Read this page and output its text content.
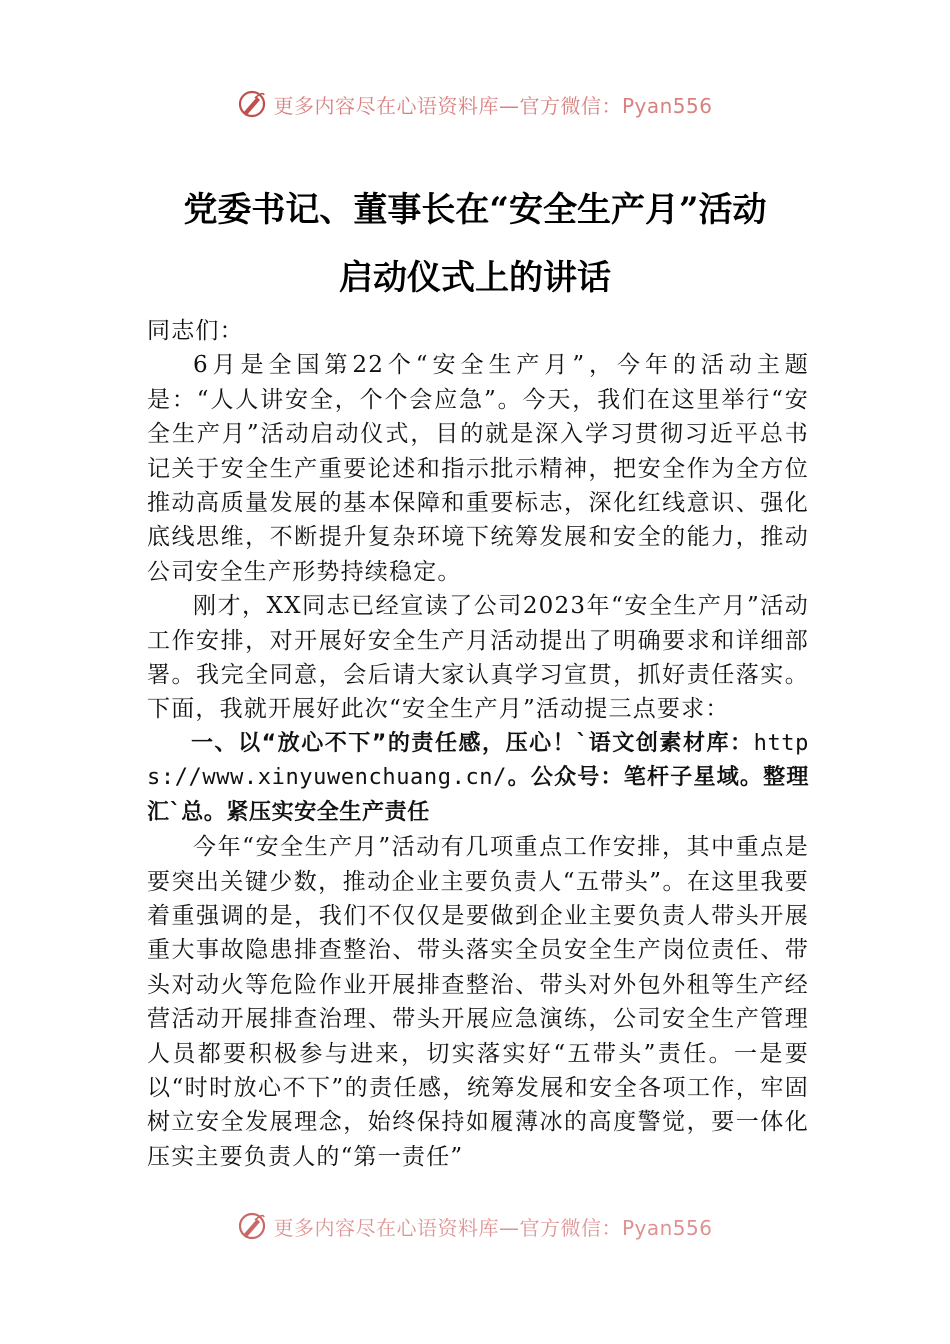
更多内容尽在心语资料库—官方微信：Pyan556
党委书记、董事长在“安全生产月”活动
启动仪式上的讲话

同志们：

6月是全国第22个“安全生产月”，今年的活动主题是：“人人讲安全，个个会应急”。今天，我们在这里举行“安全生产月”活动启动仪式，目的就是深入学习贯彻习近平总书记关于安全生产重要论述和指示批示精神，把安全作为全方位推动高质量发展的基本保障和重要标志，深化红线意识、强化底线思维，不断提升复杂环境下统筹发展和安全的能力，推动公司安全生产形势持续稳定。

刚才，XX同志已经宣读了公司2023年“安全生产月”活动工作安排，对开展好安全生产月活动提出了明确要求和详细部署。我完全同意，会后请大家认真学习宣贯，抓好责任落实。下面，我就开展好此次“安全生产月”活动提三点要求：

一、以“放心不下”的责任感，压心！`语文创素材库：https://www.xinyuwenchuang.cn/。公众号：笔杆子星域。整理汇`总。紧压实安全生产责任

今年“安全生产月”活动有几项重点工作安排，其中重点是要突出关键少数，推动企业主要负责人“五带头”。在这里我要着重强调的是，我们不仅仅是要做到企业主要负责人带头开展重大事故隐患排查整治、带头落实全员安全生产岗位责任、带头对动火等危险作业开展排查整治、带头对外包外租等生产经营活动开展排查治理、带头开展应急演练，公司安全生产管理人员都要积极参与进来，切实落实好“五带头”责任。一是要以“时时放心不下”的责任感，统筹发展和安全各项工作，牢固树立安全发展理念，始终保持如履薄冰的高度警觉，要一体化压实主要负责人的“第一责任”

更多内容尽在心语资料库—官方微信：Pyan556
